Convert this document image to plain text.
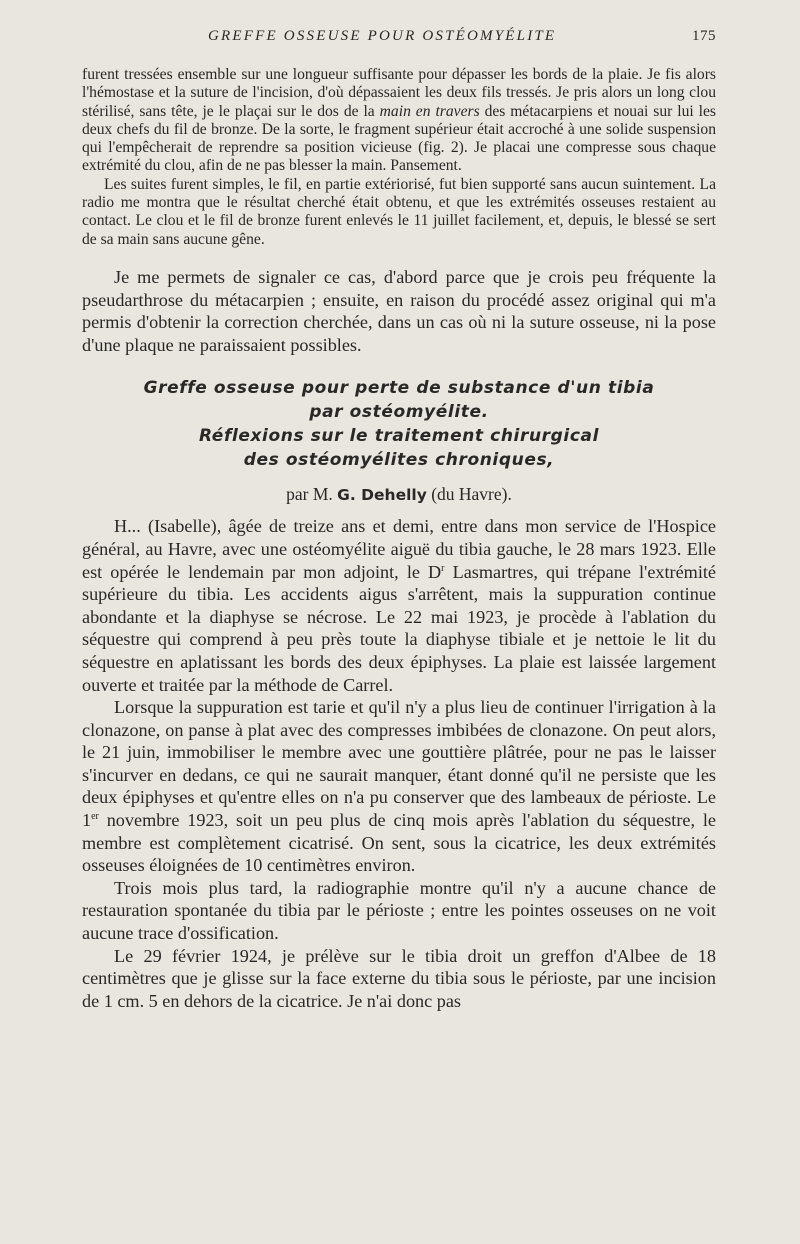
GREFFE OSSEUSE POUR OSTÉOMYÉLITE	175

furent tressées ensemble sur une longueur suffisante pour dépasser les bords de la plaie. Je fis alors l'hémostase et la suture de l'incision, d'où dépassaient les deux fils tressés. Je pris alors un long clou stérilisé, sans tête, je le plaçai sur le dos de la main en travers des métacarpiens et nouai sur lui les deux chefs du fil de bronze. De la sorte, le fragment supérieur était accroché à une solide suspension qui l'empêcherait de reprendre sa position vicieuse (fig. 2). Je placai une compresse sous chaque extrémité du clou, afin de ne pas blesser la main. Pansement.

Les suites furent simples, le fil, en partie extériorisé, fut bien supporté sans aucun suintement. La radio me montra que le résultat cherché était obtenu, et que les extrémités osseuses restaient au contact. Le clou et le fil de bronze furent enlevés le 11 juillet facilement, et, depuis, le blessé se sert de sa main sans aucune gêne.

Je me permets de signaler ce cas, d'abord parce que je crois peu fréquente la pseudarthrose du métacarpien ; ensuite, en raison du procédé assez original qui m'a permis d'obtenir la correction cherchée, dans un cas où ni la suture osseuse, ni la pose d'une plaque ne paraissaient possibles.

Greffe osseuse pour perte de substance d'un tibia
par ostéomyélite.
Réflexions sur le traitement chirurgical
des ostéomyélites chroniques,
par M. G. Dehelly (du Havre).

H... (Isabelle), âgée de treize ans et demi, entre dans mon service de l'Hospice général, au Havre, avec une ostéomyélite aiguë du tibia gauche, le 28 mars 1923. Elle est opérée le lendemain par mon adjoint, le $D^r$ Lasmartres, qui trépane l'extrémité supérieure du tibia. Les accidents aigus s'arrêtent, mais la suppuration continue abondante et la diaphyse se nécrose. Le 22 mai 1923, je procède à l'ablation du séquestre qui comprend à peu près toute la diaphyse tibiale et je nettoie le lit du séquestre en aplatissant les bords des deux épiphyses. La plaie est laissée largement ouverte et traitée par la méthode de Carrel.

Lorsque la suppuration est tarie et qu'il n'y a plus lieu de continuer l'irrigation à la clonazone, on panse à plat avec des compresses imbibées de clonazone. On peut alors, le 21 juin, immobiliser le membre avec une gouttière plâtrée, pour ne pas le laisser s'incurver en dedans, ce qui ne saurait manquer, étant donné qu'il ne persiste que les deux épiphyses et qu'entre elles on n'a pu conserver que des lambeaux de périoste. Le 1er novembre 1923, soit un peu plus de cinq mois après l'ablation du séquestre, le membre est complètement cicatrisé. On sent, sous la cicatrice, les deux extrémités osseuses éloignées de 10 centimètres environ.

Trois mois plus tard, la radiographie montre qu'il n'y a aucune chance de restauration spontanée du tibia par le périoste ; entre les pointes osseuses on ne voit aucune trace d'ossification.

Le 29 février 1924, je prélève sur le tibia droit un greffon d'Albee de 18 centimètres que je glisse sur la face externe du tibia sous le périoste, par une incision de 1 cm. 5 en dehors de la cicatrice. Je n'ai donc pas
